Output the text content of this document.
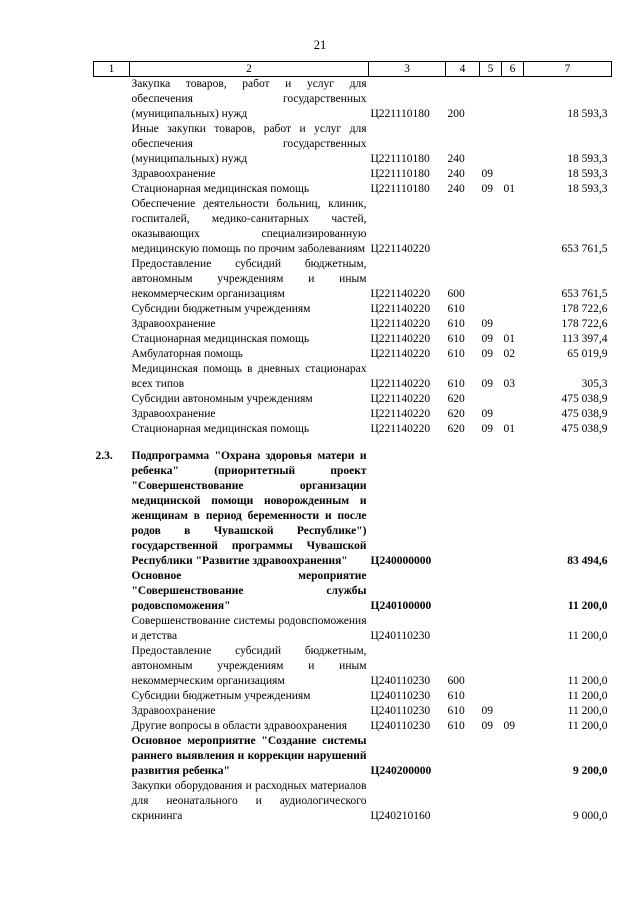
21
1	2	3	4	5	6	7
	Закупка товаров, работ и услуг для обеспечения государственных (муниципальных) нужд	Ц221110180	200			18 593,3
	Иные закупки товаров, работ и услуг для обеспечения государственных (муниципальных) нужд	Ц221110180	240			18 593,3
	Здравоохранение	Ц221110180	240	09		18 593,3
	Стационарная медицинская помощь	Ц221110180	240	09	01	18 593,3
	Обеспечение деятельности больниц, клиник, госпиталей, медико-санитарных частей, оказывающих специализированную медицинскую помощь по прочим заболеваниям	Ц221140220				653 761,5
	Предоставление субсидий бюджетным, автономным учреждениям и иным некоммерческим организациям	Ц221140220	600			653 761,5
	Субсидии бюджетным учреждениям	Ц221140220	610			178 722,6
	Здравоохранение	Ц221140220	610	09		178 722,6
	Стационарная медицинская помощь	Ц221140220	610	09	01	113 397,4
	Амбулаторная помощь	Ц221140220	610	09	02	65 019,9
	Медицинская помощь в дневных стационарах всех типов	Ц221140220	610	09	03	305,3
	Субсидии автономным учреждениям	Ц221140220	620			475 038,9
	Здравоохранение	Ц221140220	620	09		475 038,9
	Стационарная медицинская помощь	Ц221140220	620	09	01	475 038,9

2.3.	Подпрограмма "Охрана здоровья матери и ребенка" (приоритетный проект "Совершенствование организации медицинской помощи новорожденным и женщинам в период беременности и после родов в Чувашской Республике") государственной программы Чувашской Республики "Развитие здравоохранения"	Ц240000000				83 494,6
	Основное мероприятие "Совершенствование службы родовспоможения"	Ц240100000				11 200,0
	Совершенствование системы родовспоможения и детства	Ц240110230				11 200,0
	Предоставление субсидий бюджетным, автономным учреждениям и иным некоммерческим организациям	Ц240110230	600			11 200,0
	Субсидии бюджетным учреждениям	Ц240110230	610			11 200,0
	Здравоохранение	Ц240110230	610	09		11 200,0
	Другие вопросы в области здравоохранения	Ц240110230	610	09	09	11 200,0
	Основное мероприятие "Создание системы раннего выявления и коррекции нарушений развития ребенка"	Ц240200000				9 200,0
	Закупки оборудования и расходных материалов для неонатального и аудиологического скрининга	Ц240210160				9 000,0
